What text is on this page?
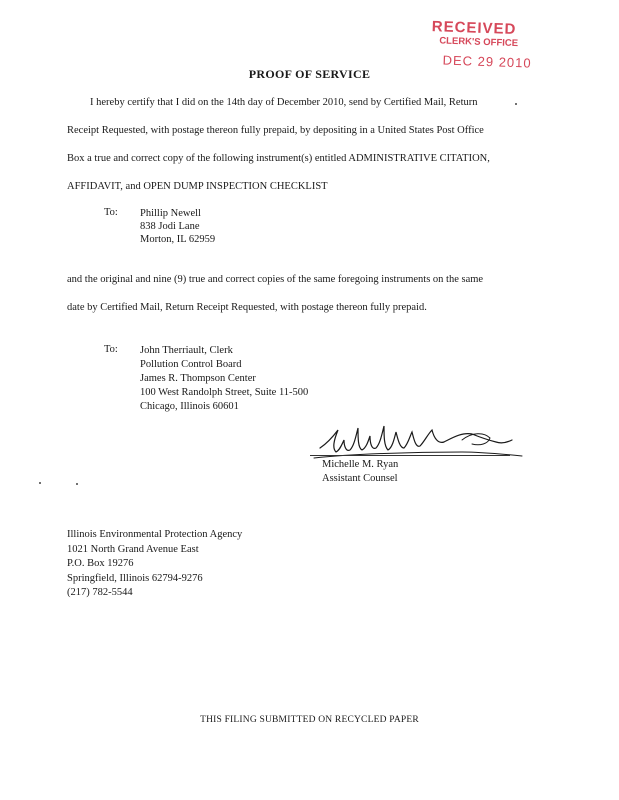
RECEIVED
CLERK'S OFFICE
DEC 29 2010
PROOF OF SERVICE
I hereby certify that I did on the 14th day of December 2010, send by Certified Mail, Return
Receipt Requested, with postage thereon fully prepaid, by depositing in a United States Post Office
Box a true and correct copy of the following instrument(s) entitled ADMINISTRATIVE CITATION,
AFFIDAVIT, and OPEN DUMP INSPECTION CHECKLIST
To: Phillip Newell
838 Jodi Lane
Morton, IL 62959
and the original and nine (9) true and correct copies of the same foregoing instruments on the same
date by Certified Mail, Return Receipt Requested, with postage thereon fully prepaid.
To: John Therriault, Clerk
Pollution Control Board
James R. Thompson Center
100 West Randolph Street, Suite 11-500
Chicago, Illinois 60601
Michelle M. Ryan
Assistant Counsel
Illinois Environmental Protection Agency
1021 North Grand Avenue East
P.O. Box 19276
Springfield, Illinois 62794-9276
(217) 782-5544
THIS FILING SUBMITTED ON RECYCLED PAPER
